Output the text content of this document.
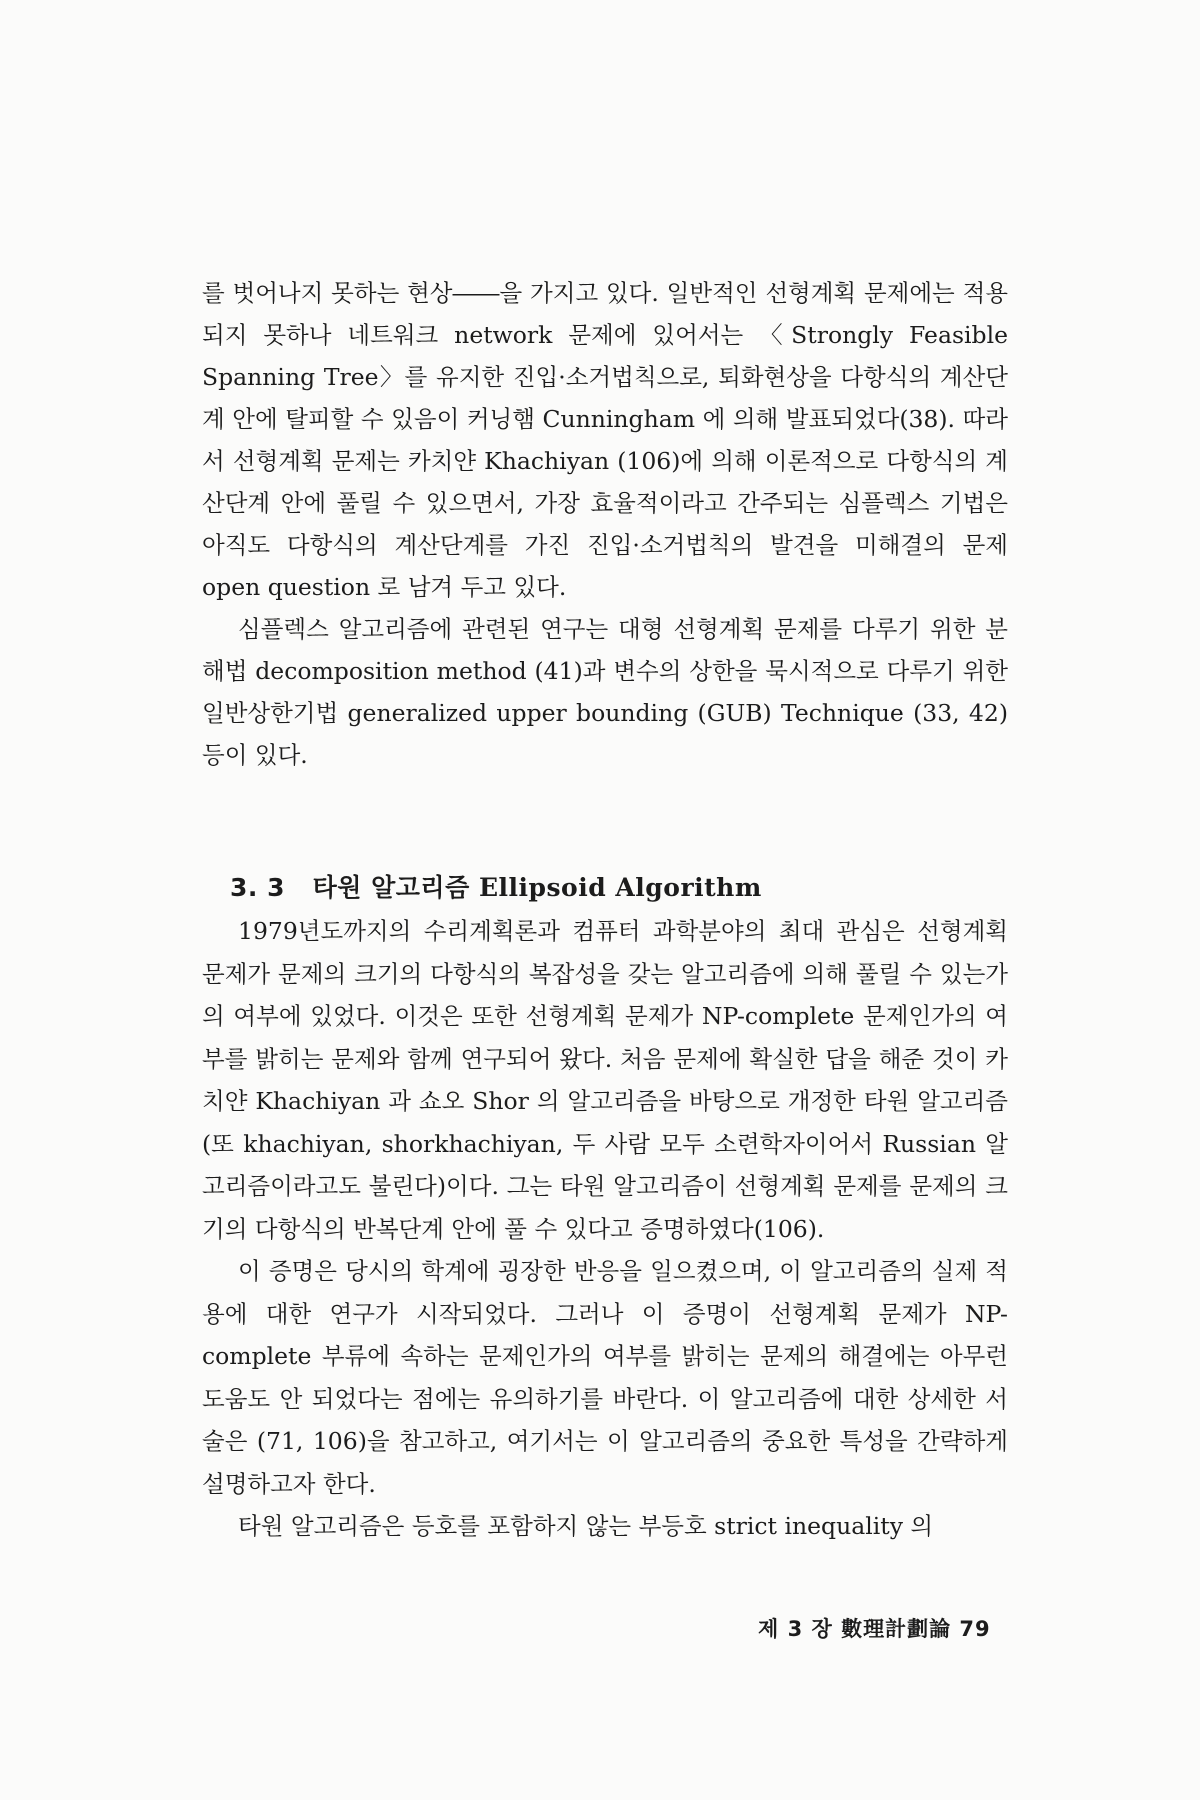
를 벗어나지 못하는 현상――을 가지고 있다. 일반적인 선형계획 문제에는 적용되지 못하나 네트워크 network 문제에 있어서는 〈Strongly Feasible Spanning Tree〉를 유지한 진입·소거법칙으로, 퇴화현상을 다항식의 계산단계 안에 탈피할 수 있음이 커닝햄 Cunningham 에 의해 발표되었다(38). 따라서 선형계획 문제는 카치얀 Khachiyan (106)에 의해 이론적으로 다항식의 계산단계 안에 풀릴 수 있으면서, 가장 효율적이라고 간주되는 심플렉스 기법은 아직도 다항식의 계산단계를 가진 진입·소거법칙의 발견을 미해결의 문제 open question 로 남겨 두고 있다.

심플렉스 알고리즘에 관련된 연구는 대형 선형계획 문제를 다루기 위한 분해법 decomposition method (41)과 변수의 상한을 묵시적으로 다루기 위한 일반상한기법 generalized upper bounding (GUB) Technique (33, 42) 등이 있다.

3. 3 타원 알고리즘 Ellipsoid Algorithm

1979년도까지의 수리계획론과 컴퓨터 과학분야의 최대 관심은 선형계획 문제가 문제의 크기의 다항식의 복잡성을 갖는 알고리즘에 의해 풀릴 수 있는가의 여부에 있었다. 이것은 또한 선형계획 문제가 NP-complete 문제인가의 여부를 밝히는 문제와 함께 연구되어 왔다. 처음 문제에 확실한 답을 해준 것이 카치얀 Khachiyan 과 쇼오 Shor 의 알고리즘을 바탕으로 개정한 타원 알고리즘(또 khachiyan, shorkhachiyan, 두 사람 모두 소련학자이어서 Russian 알고리즘이라고도 불린다)이다. 그는 타원 알고리즘이 선형계획 문제를 문제의 크기의 다항식의 반복단계 안에 풀 수 있다고 증명하였다(106).

이 증명은 당시의 학계에 굉장한 반응을 일으켰으며, 이 알고리즘의 실제 적용에 대한 연구가 시작되었다. 그러나 이 증명이 선형계획 문제가 NP-complete 부류에 속하는 문제인가의 여부를 밝히는 문제의 해결에는 아무런 도움도 안 되었다는 점에는 유의하기를 바란다. 이 알고리즘에 대한 상세한 서술은 (71, 106)을 참고하고, 여기서는 이 알고리즘의 중요한 특성을 간략하게 설명하고자 한다.

타원 알고리즘은 등호를 포함하지 않는 부등호 strict inequality 의

제 3 장 數理計劃論 79
